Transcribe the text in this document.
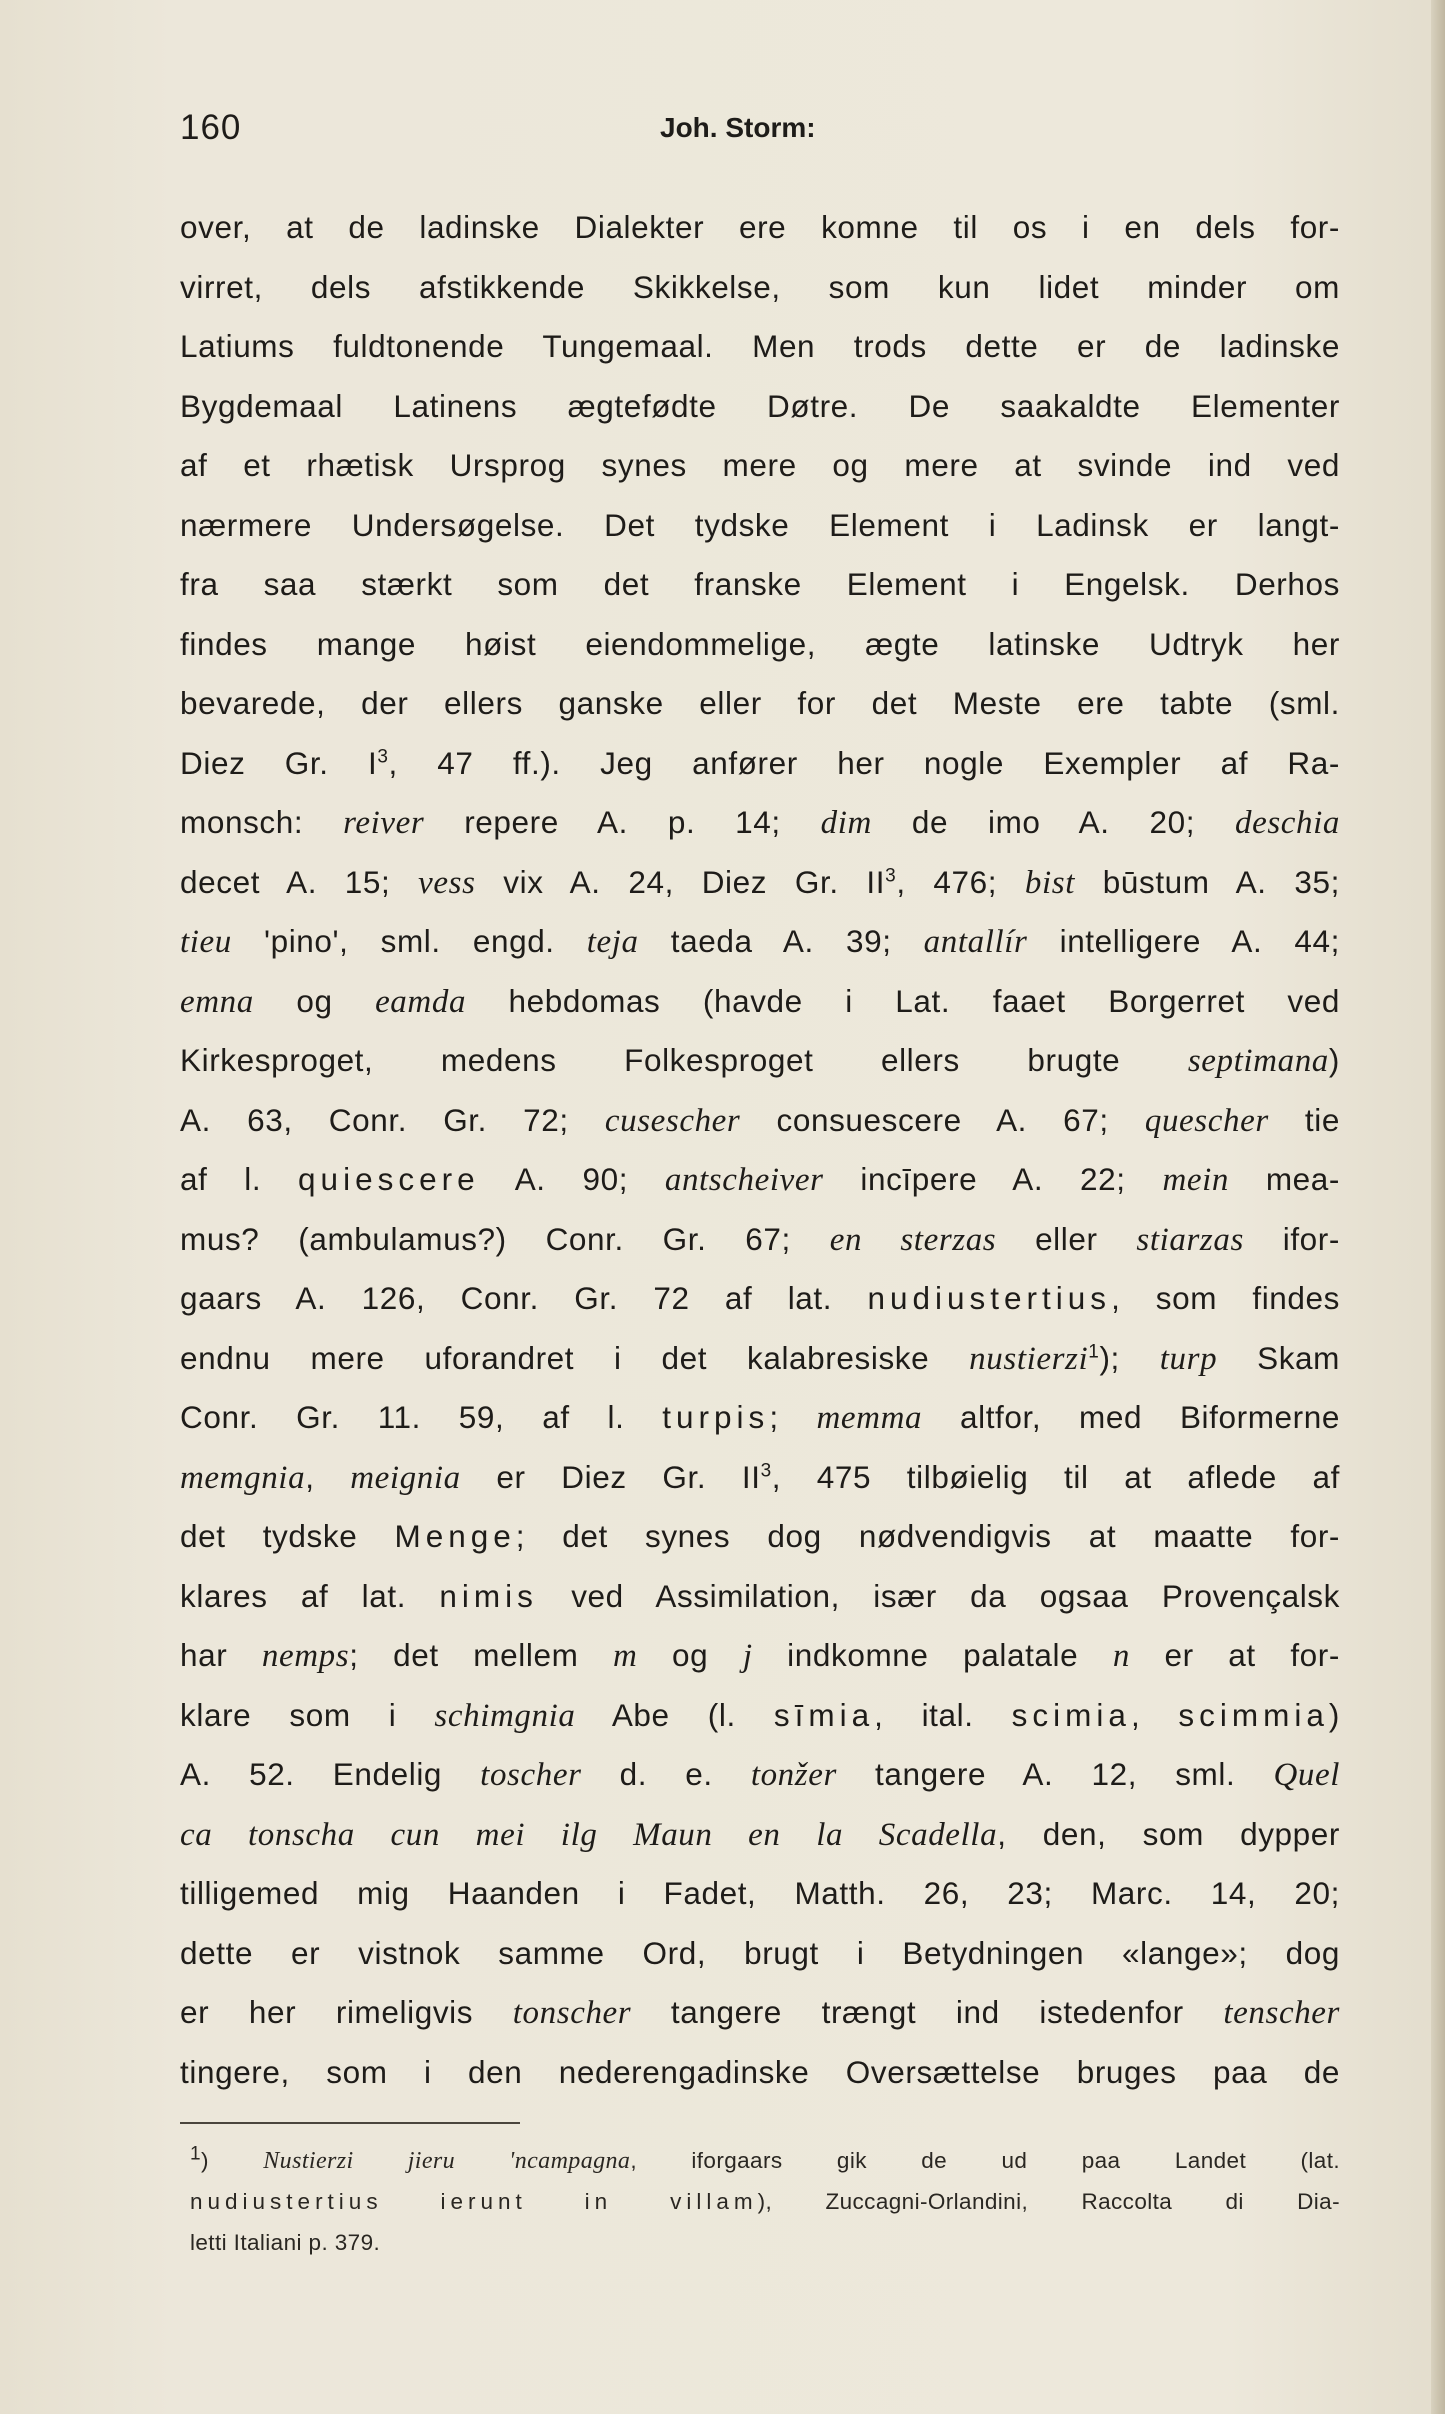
160	Joh. Storm:
over, at de ladinske Dialekter ere komne til os i en dels for-
virret, dels afstikkende Skikkelse, som kun lidet minder om
Latiums fuldtonende Tungemaal. Men trods dette er de ladinske
Bygdemaal Latinens ægtefødte Døtre. De saakaldte Elementer
af et rhætisk Ursprog synes mere og mere at svinde ind ved
nærmere Undersøgelse. Det tydske Element i Ladinsk er langt-
fra saa stærkt som det franske Element i Engelsk. Derhos
findes mange høist eiendommelige, ægte latinske Udtryk her
bevarede, der ellers ganske eller for det Meste ere tabte (sml.
Diez Gr. $I^3$, 47 ff.). Jeg anfører her nogle Exempler af Ra-
monsch: reiver repere A. p. 14; dim de imo A. 20; deschia
decet A. 15; vess vix A. 24, Diez Gr. $II^3$, 476; bist būstum A. 35;
tieu 'pino', sml. engd. teja taeda A. 39; antallír intelligere A. 44;
emna og eamda hebdomas (havde i Lat. faaet Borgerret ved
Kirkesproget, medens Folkesproget ellers brugte septimana)
A. 63, Conr. Gr. 72; cusescher consuescere A. 67; quescher tie
af l. quiescere A. 90; antscheiver incīpere A. 22; mein mea-
mus? (ambulamus?) Conr. Gr. 67; en sterzas eller stiarzas ifor-
gaars A. 126, Conr. Gr. 72 af lat. nudiustertius, som findes
endnu mere uforandret i det kalabresiske nustierzi$^1$); turp Skam
Conr. Gr. 11. 59, af l. turpis; memma altfor, med Biformerne
memgnia, meignia er Diez Gr. $II^3$, 475 tilbøielig til at aflede af
det tydske Menge; det synes dog nødvendigvis at maatte for-
klares af lat. nimis ved Assimilation, især da ogsaa Provençalsk
har nemps; det mellem m og j indkomne palatale n er at for-
klare som i schimgnia Abe (l. sīmia, ital. scimia, scimmia)
A. 52. Endelig toscher d. e. tonžer tangere A. 12, sml. Quel
ca tonscha cun mei ilg Maun en la Scadella, den, som dypper
tilligemed mig Haanden i Fadet, Matth. 26, 23; Marc. 14, 20;
dette er vistnok samme Ord, brugt i Betydningen «lange»; dog
er her rimeligvis tonscher tangere trængt ind istedenfor tenscher
tingere, som i den nederengadinske Oversættelse bruges paa de
$^1$) Nustierzi jieru 'ncampagna, iforgaars gik de ud paa Landet (lat.
nudiustertius ierunt in villam), Zuccagni-Orlandini, Raccolta di Dia-
letti Italiani p. 379.
